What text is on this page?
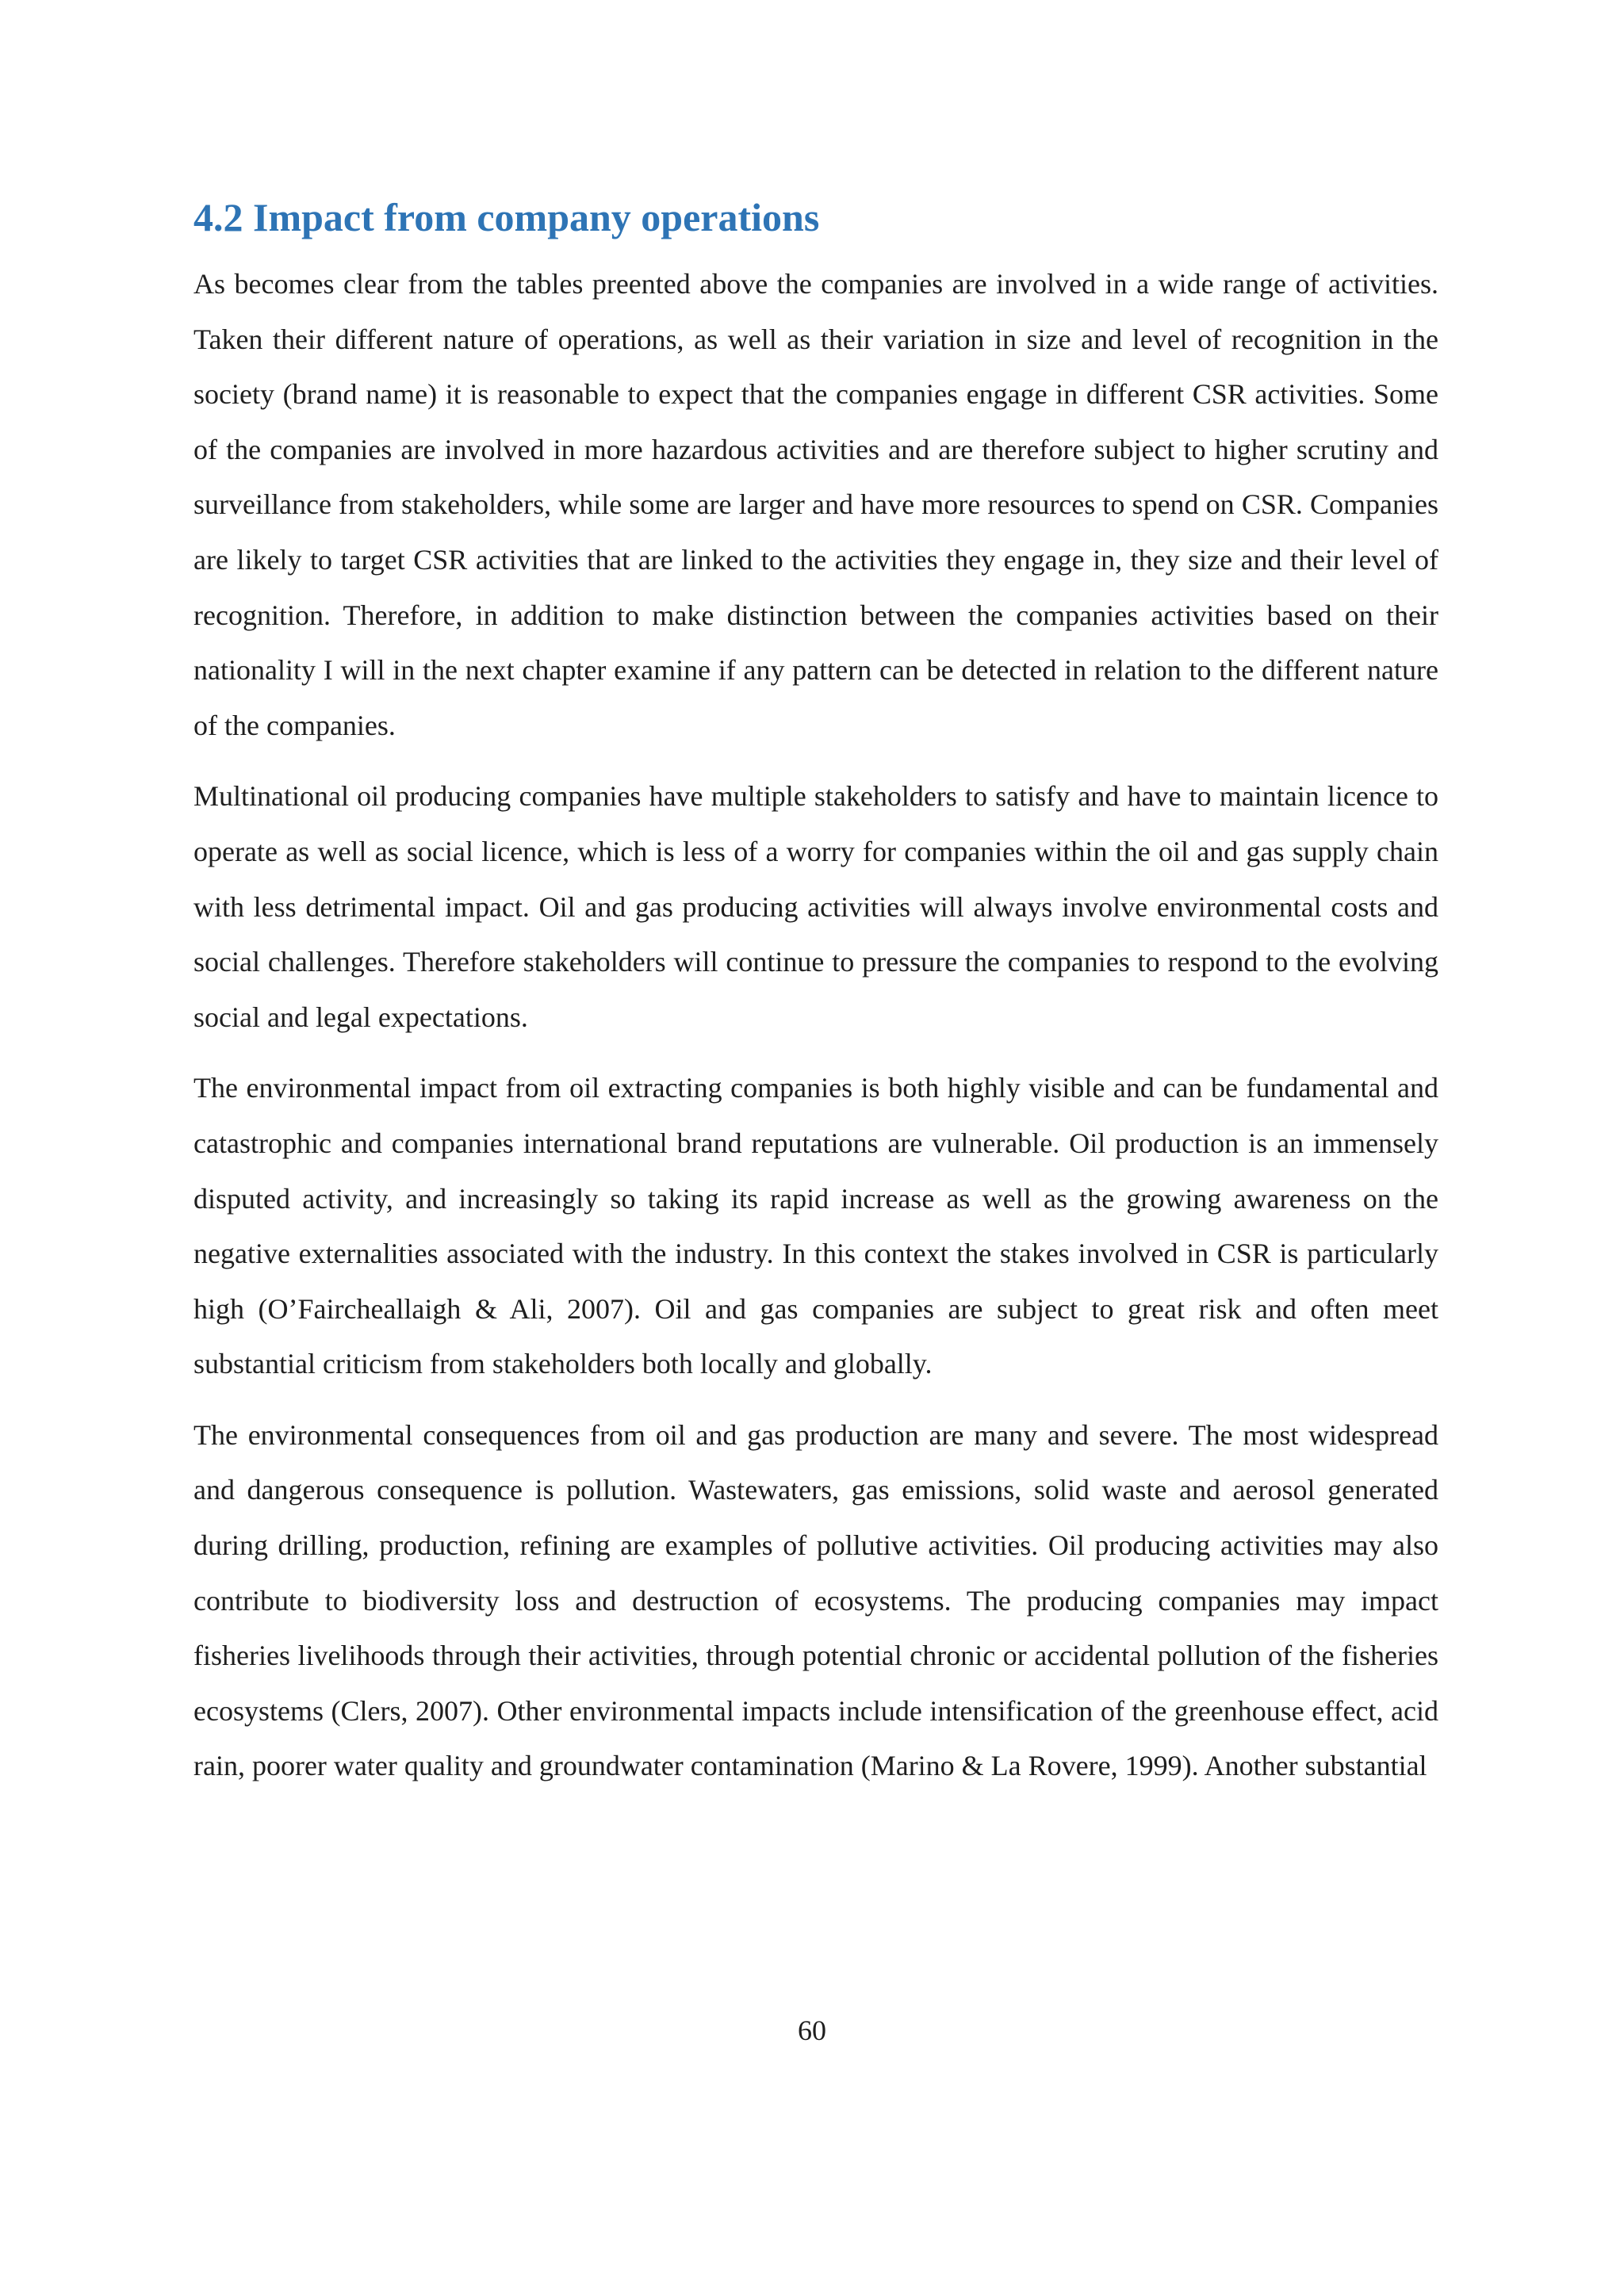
4.2 Impact from company operations

As becomes clear from the tables preented above the companies are involved in a wide range of activities. Taken their different nature of operations, as well as their variation in size and level of recognition in the society (brand name) it is reasonable to expect that the companies engage in different CSR activities. Some of the companies are involved in more hazardous activities and are therefore subject to higher scrutiny and surveillance from stakeholders, while some are larger and have more resources to spend on CSR. Companies are likely to target CSR activities that are linked to the activities they engage in, they size and their level of recognition. Therefore, in addition to make distinction between the companies activities based on their nationality I will in the next chapter examine if any pattern can be detected in relation to the different nature of the companies.

Multinational oil producing companies have multiple stakeholders to satisfy and have to maintain licence to operate as well as social licence, which is less of a worry for companies within the oil and gas supply chain with less detrimental impact. Oil and gas producing activities will always involve environmental costs and social challenges. Therefore stakeholders will continue to pressure the companies to respond to the evolving social and legal expectations.

The environmental impact from oil extracting companies is both highly visible and can be fundamental and catastrophic and companies international brand reputations are vulnerable. Oil production is an immensely disputed activity, and increasingly so taking its rapid increase as well as the growing awareness on the negative externalities associated with the industry. In this context the stakes involved in CSR is particularly high (O’Faircheallaigh & Ali, 2007). Oil and gas companies are subject to great risk and often meet substantial criticism from stakeholders both locally and globally.

The environmental consequences from oil and gas production are many and severe. The most widespread and dangerous consequence is pollution. Wastewaters, gas emissions, solid waste and aerosol generated during drilling, production, refining are examples of pollutive activities. Oil producing activities may also contribute to biodiversity loss and destruction of ecosystems. The producing companies may impact fisheries livelihoods through their activities, through potential chronic or accidental pollution of the fisheries ecosystems (Clers, 2007). Other environmental impacts include intensification of the greenhouse effect, acid rain, poorer water quality and groundwater contamination (Marino & La Rovere, 1999). Another substantial

60
